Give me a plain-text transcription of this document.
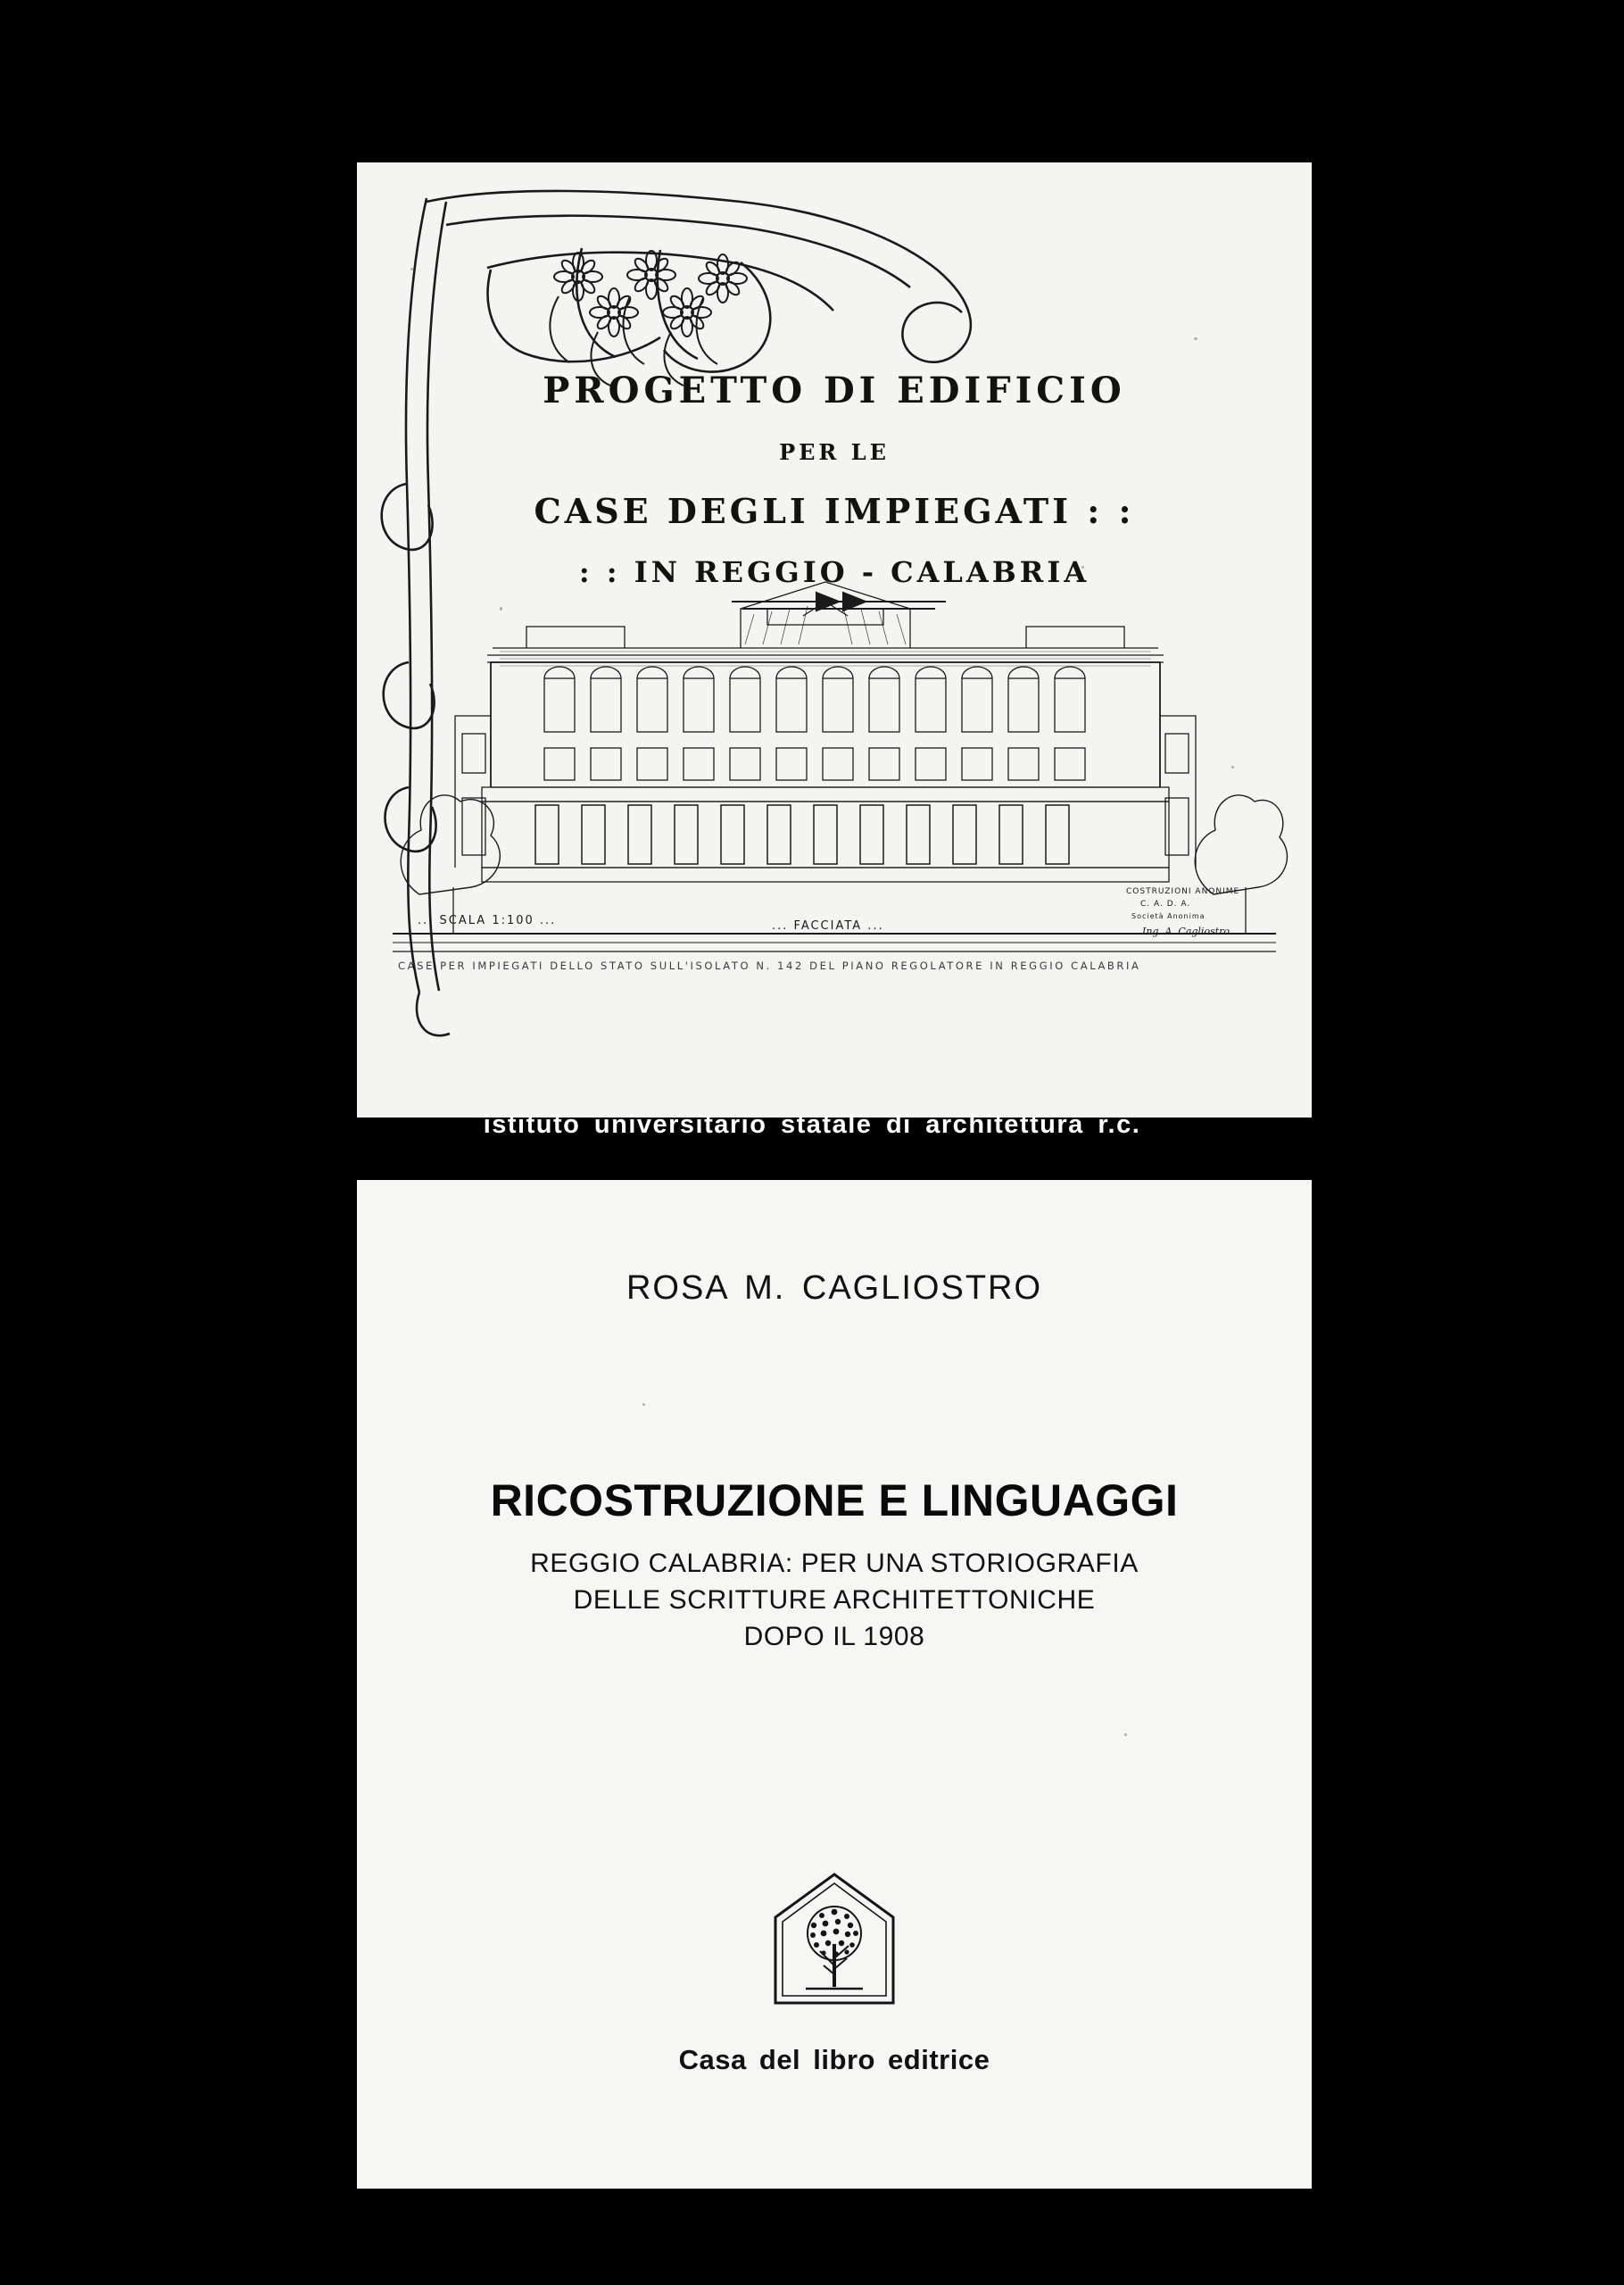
PROGETTO DI EDIFICIO
PER LE
CASE DEGLI IMPIEGATI : :
: : IN REGGIO - CALABRIA
... SCALA 1:100 ...	... FACCIATA ...
COSTRUZIONI ANONIME
C. A. D. A.
Società Anonima
Ing. A. Cagliostro
CASE PER IMPIEGATI DELLO STATO SULL'ISOLATO N. 142 DEL PIANO REGOLATORE IN REGGIO CALABRIA
istituto universitario statale di architettura r.c.
ROSA M. CAGLIOSTRO
RICOSTRUZIONE E LINGUAGGI
REGGIO CALABRIA: PER UNA STORIOGRAFIA
DELLE SCRITTURE ARCHITETTONICHE
DOPO IL 1908
Casa del libro editrice
